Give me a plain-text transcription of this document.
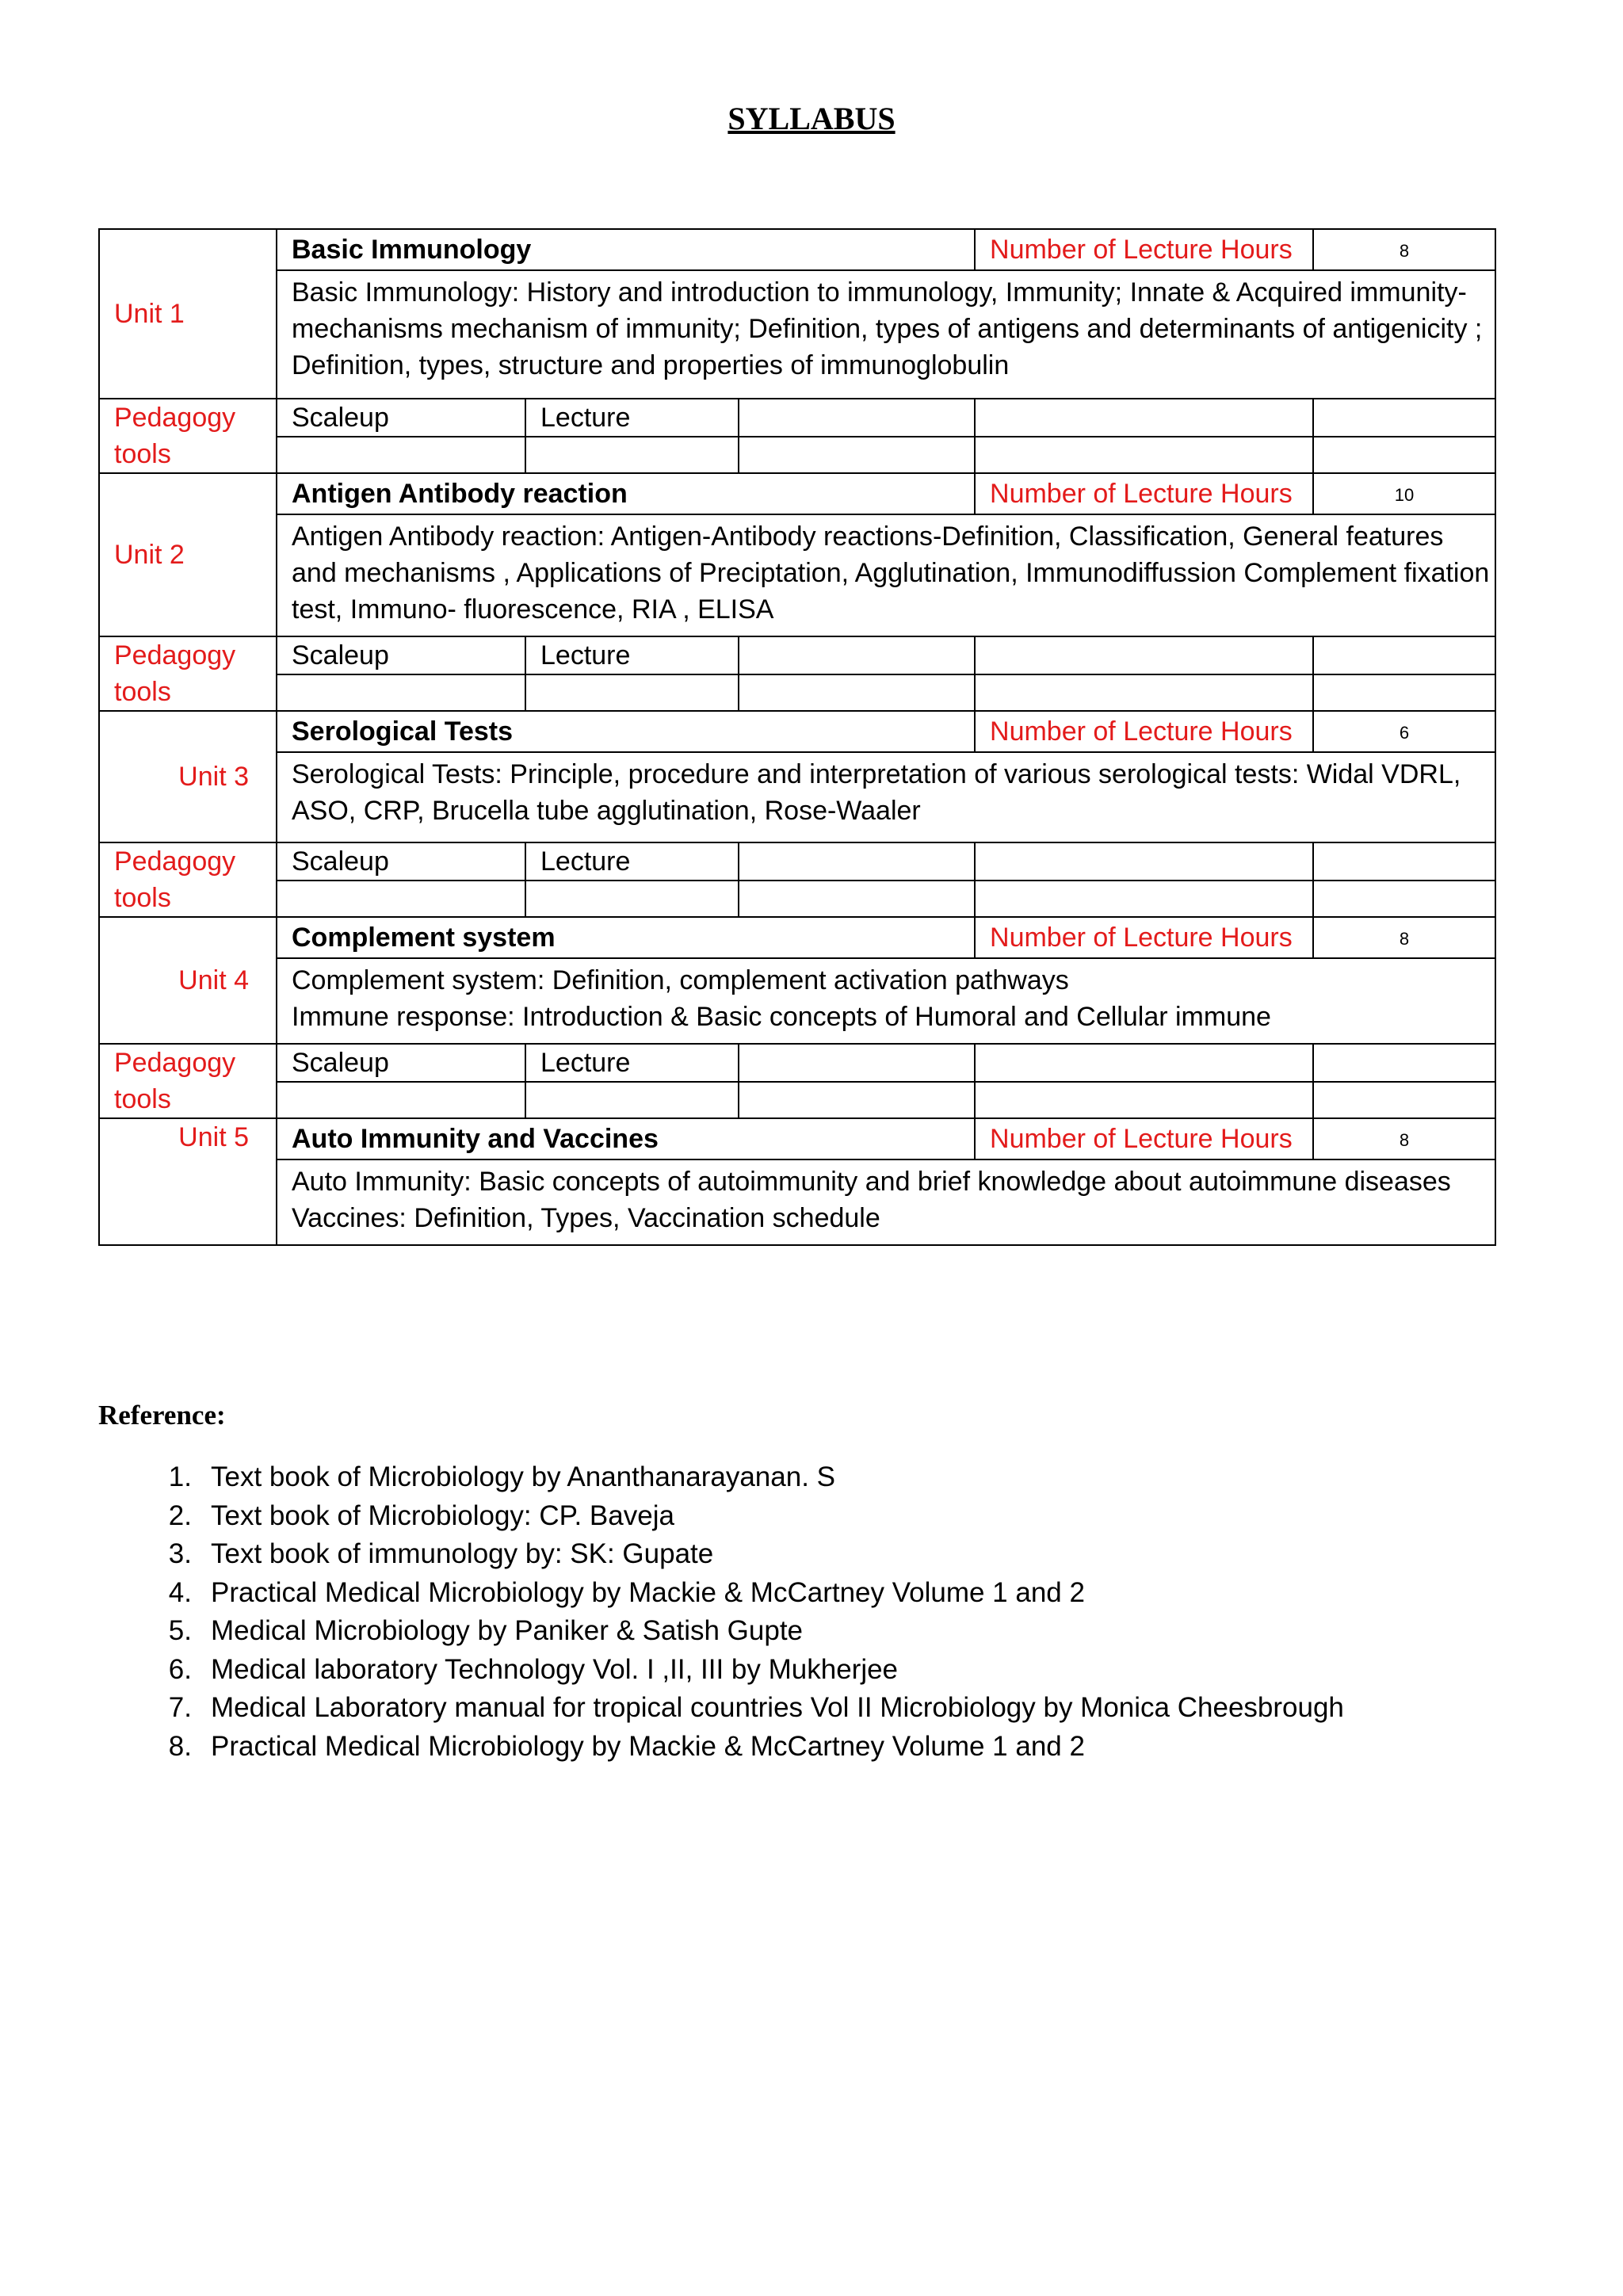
SYLLABUS
Unit 1	Basic Immunology			Number of Lecture Hours	8
	Basic Immunology: History and introduction to immunology, Immunity; Innate & Acquired immunity- mechanisms mechanism of immunity; Definition, types of antigens and determinants of antigenicity ; Definition, types, structure and properties of immunoglobulin				
Pedagogy
tools	Scaleup	Lecture			

Unit 2	Antigen Antibody reaction			Number of Lecture Hours	10
	Antigen Antibody reaction: Antigen-Antibody reactions-Definition, Classification, General features and mechanisms , Applications of Preciptation, Agglutination, Immunodiffussion Complement fixation test, Immuno- fluorescence, RIA , ELISA				
Pedagogy
tools	Scaleup	Lecture			

Unit 3	Serological Tests			Number of Lecture Hours	6
	Serological Tests: Principle, procedure and interpretation of various serological tests: Widal VDRL, ASO, CRP, Brucella tube agglutination, Rose-Waaler				
Pedagogy
tools	Scaleup	Lecture			

Unit 4	Complement system			Number of Lecture Hours	8
	Complement system: Definition, complement activation pathways
Immune response: Introduction & Basic concepts of Humoral and Cellular immune				
Pedagogy
tools	Scaleup	Lecture			

Unit 5	Auto Immunity and Vaccines			Number of Lecture Hours	8
	Auto Immunity: Basic concepts of autoimmunity and brief knowledge about autoimmune diseases Vaccines: Definition, Types, Vaccination schedule				
Reference:
1. Text book of Microbiology by Ananthanarayanan. S
2. Text book of Microbiology: CP. Baveja
3. Text book of immunology by: SK: Gupate
4. Practical Medical Microbiology by Mackie & McCartney Volume 1 and 2
5. Medical Microbiology by Paniker & Satish Gupte
6. Medical laboratory Technology Vol. I ,II, III by Mukherjee
7. Medical Laboratory manual for tropical countries Vol II Microbiology by Monica Cheesbrough
8. Practical Medical Microbiology by Mackie & McCartney Volume 1 and 2
